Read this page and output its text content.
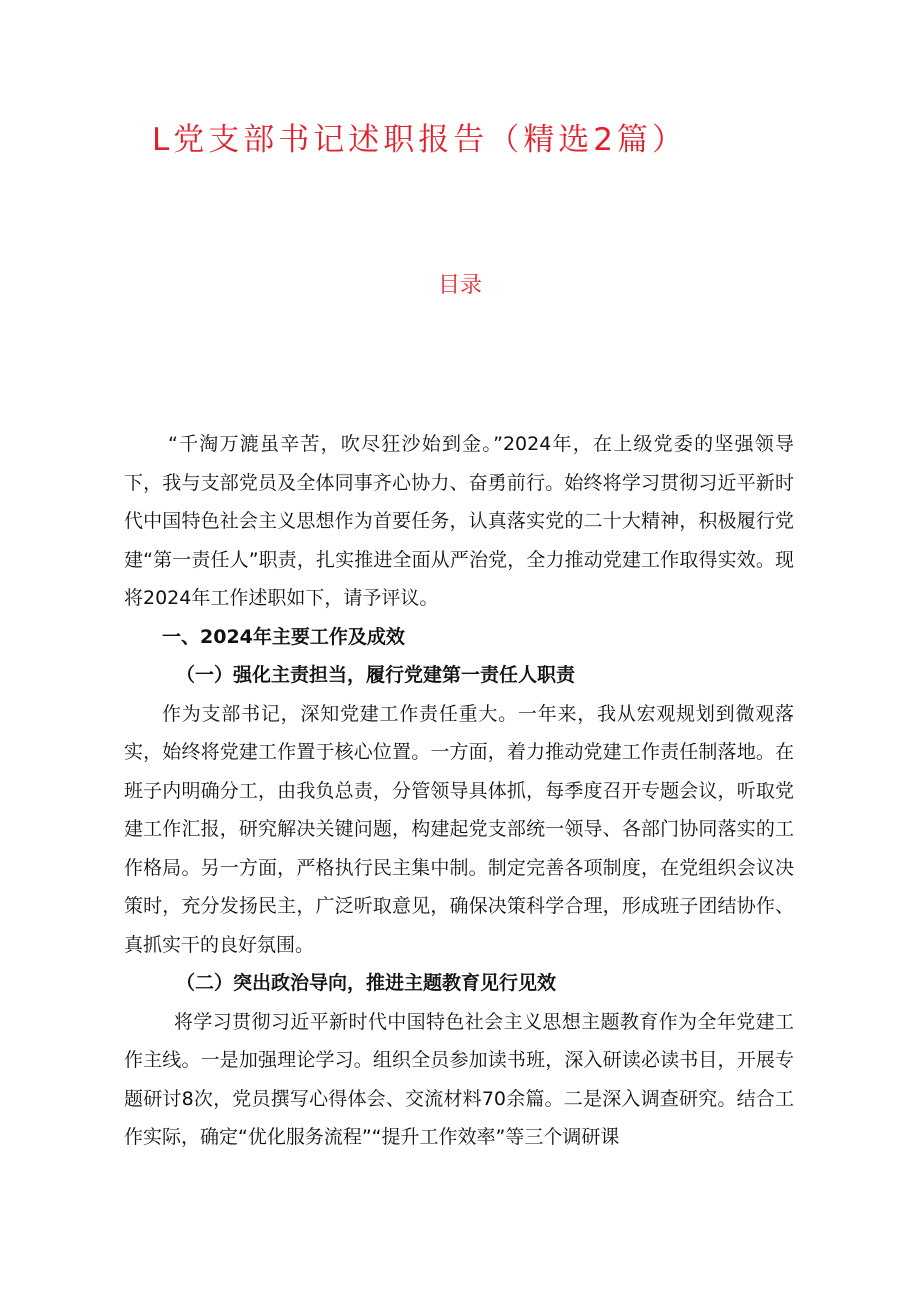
L党支部书记述职报告（精选2篇）
目录

“千淘万漉虽辛苦，吹尽狂沙始到金。”2024年，在上级党委的坚强领导下，我与支部党员及全体同事齐心协力、奋勇前行。始终将学习贯彻习近平新时代中国特色社会主义思想作为首要任务，认真落实党的二十大精神，积极履行党建“第一责任人”职责，扎实推进全面从严治党，全力推动党建工作取得实效。现将2024年工作述职如下，请予评议。

一、2024年主要工作及成效

（一）强化主责担当，履行党建第一责任人职责

作为支部书记，深知党建工作责任重大。一年来，我从宏观规划到微观落实，始终将党建工作置于核心位置。一方面，着力推动党建工作责任制落地。在班子内明确分工，由我负总责，分管领导具体抓，每季度召开专题会议，听取党建工作汇报，研究解决关键问题，构建起党支部统一领导、各部门协同落实的工作格局。另一方面，严格执行民主集中制。制定完善各项制度，在党组织会议决策时，充分发扬民主，广泛听取意见，确保决策科学合理，形成班子团结协作、真抓实干的良好氛围。

（二）突出政治导向，推进主题教育见行见效

将学习贯彻习近平新时代中国特色社会主义思想主题教育作为全年党建工作主线。一是加强理论学习。组织全员参加读书班，深入研读必读书目，开展专题研讨8次，党员撰写心得体会、交流材料70余篇。二是深入调查研究。结合工作实际，确定“优化服务流程”“提升工作效率”等三个调研课
